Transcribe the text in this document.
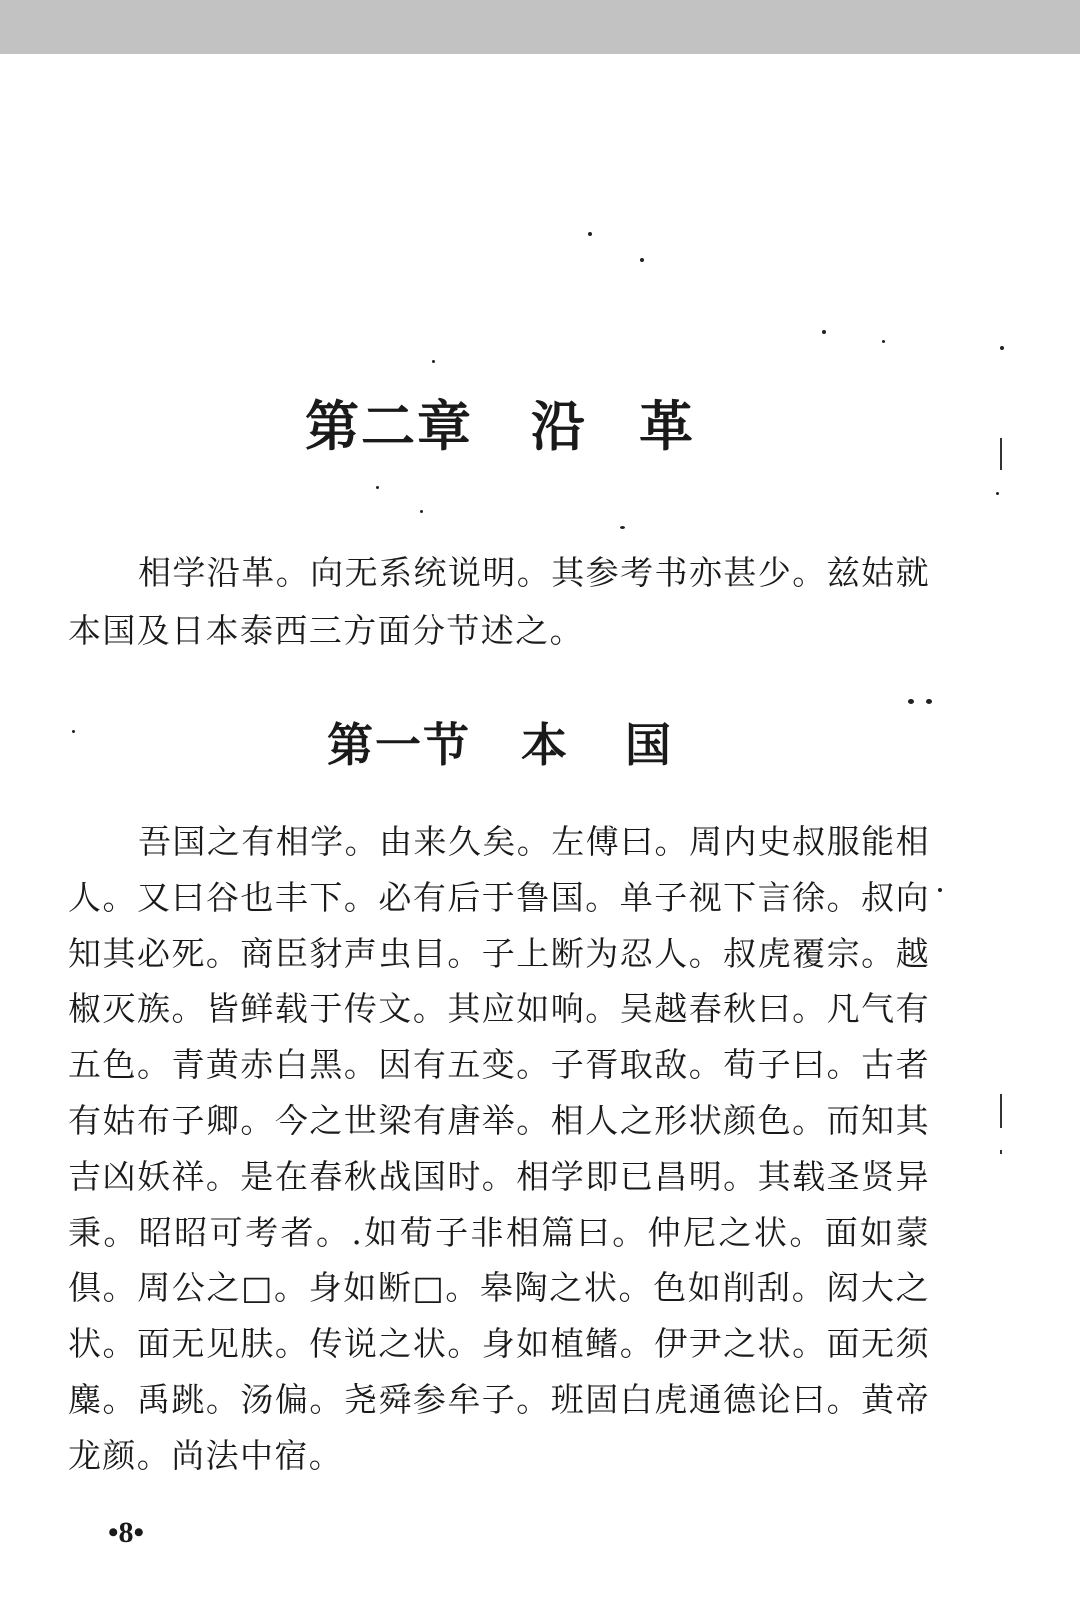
第二章 沿 革

相学沿革。向无系统说明。其参考书亦甚少。兹姑就本国及日本泰西三方面分节述之。

第一节 本 国

吾国之有相学。由来久矣。左傅曰。周内史叔服能相人。又曰谷也丰下。必有后于鲁国。单子视下言徐。叔向知其必死。商臣豺声虫目。子上断为忍人。叔虎覆宗。越椒灭族。皆鲜载于传文。其应如响。吴越春秋曰。凡气有五色。青黄赤白黑。因有五变。子胥取敌。荀子曰。古者有姑布子卿。今之世梁有唐举。相人之形状颜色。而知其吉凶妖祥。是在春秋战国时。相学即已昌明。其载圣贤异秉。昭昭可考者。.如荀子非相篇曰。仲尼之状。面如蒙倶。周公之□。身如断□。皋陶之状。色如削刮。闳大之状。面无见肤。传说之状。身如植鳍。伊尹之状。面无须麋。禹跳。汤偏。尧舜参牟子。班固白虎通德论曰。黄帝龙颜。尚法中宿。

•8•
